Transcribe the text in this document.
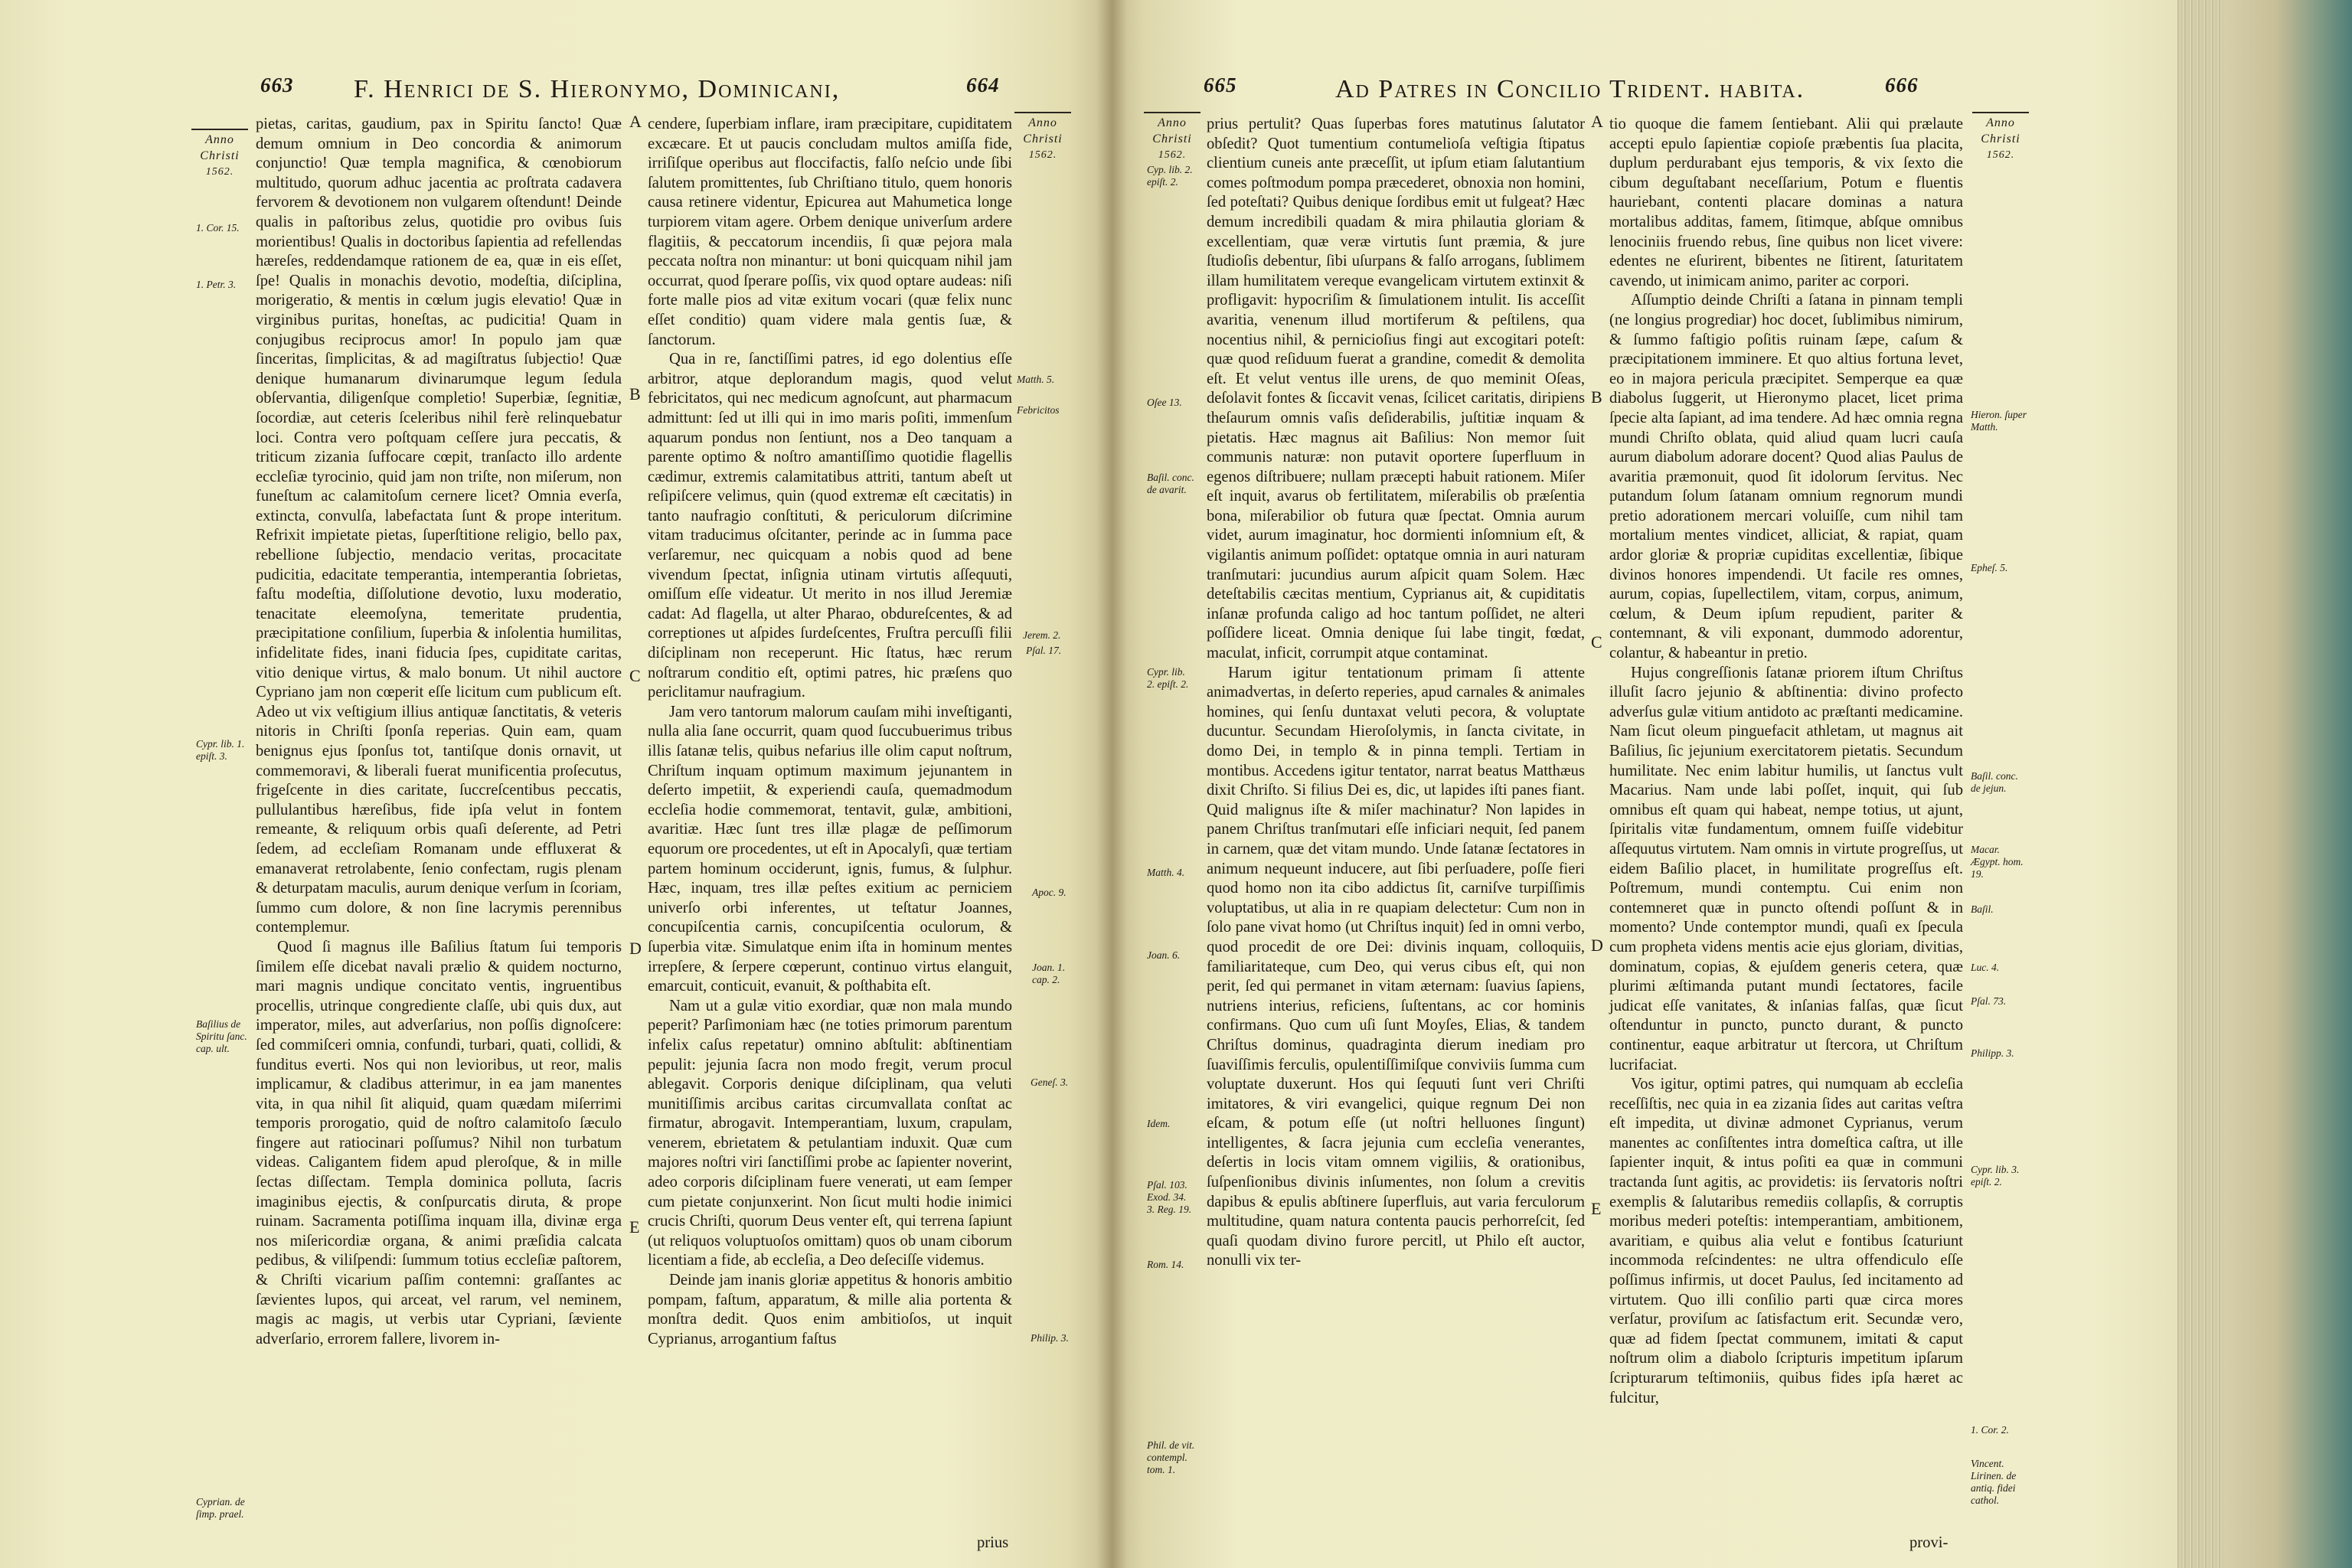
663 F. Henrici de S. Hieronymo, Dominicani,	664
Anno
Christi
1562.
Anno
Christi
1562.
1. Cor. 15.
1. Petr. 3.
Cypr. lib. 1. epiſt. 3.
Baſilius de Spiritu ſanc. cap. ult.
Cyprian. de ſimp. prael.
Matth. 5.
Febricitos
Jerem. 2.
Pſal. 17.
Apoc. 9.
Joan. 1. cap. 2.
Geneſ. 3.
Philip. 3.
A
B
C
D
E

pietas, caritas, gaudium, pax in Spiritu ſancto! Quæ demum omnium in Deo concordia & animorum conjunctio! Quæ templa magnifica, & cœnobiorum multitudo, quorum adhuc jacentia ac proſtrata cadavera fervorem & devotionem non vulgarem oſtendunt! Deinde qualis in paſtoribus zelus, quotidie pro ovibus ſuis morientibus! Qualis in doctoribus ſapientia ad refellendas hæreſes, reddendamque rationem de ea, quæ in eis eſſet, ſpe! Qualis in monachis devotio, modeſtia, diſciplina, morigeratio, & mentis in cœlum jugis elevatio! Quæ in virginibus puritas, honeſtas, ac pudicitia! Quam in conjugibus reciprocus amor! In populo jam quæ ſinceritas, ſimplicitas, & ad magiſtratus ſubjectio! Quæ denique humanarum divinarumque legum ſedula obſervantia, diligenſque completio! Superbiæ, ſegnitiæ, ſocordiæ, aut ceteris ſceleribus nihil ferè relinquebatur loci. Contra vero poſtquam ceſſere jura peccatis, & triticum zizania ſuffocare cœpit, tranſacto illo ardente eccleſiæ tyrocinio, quid jam non triſte, non miſerum, non funeſtum ac calamitoſum cernere licet? Omnia everſa, extincta, convulſa, labefactata ſunt & prope interitum. Refrixit impietate pietas, ſuperſtitione religio, bello pax, rebellione ſubjectio, mendacio veritas, procacitate pudicitia, edacitate temperantia, intemperantia ſobrietas, faſtu modeſtia, diſſolutione devotio, luxu moderatio, tenacitate eleemoſyna, temeritate prudentia, præcipitatione conſilium, ſuperbia & inſolentia humilitas, infidelitate fides, inani fiducia ſpes, cupiditate caritas, vitio denique virtus, & malo bonum. Ut nihil auctore Cypriano jam non cœperit eſſe licitum cum publicum eſt. Adeo ut vix veſtigium illius antiquæ ſanctitatis, & veteris nitoris in Chriſti ſponſa reperias. Quin eam, quam benignus ejus ſponſus tot, tantiſque donis ornavit, ut commemoravi, & liberali fuerat munificentia proſecutus, frigeſcente in dies caritate, ſuccreſcentibus peccatis, pullulantibus hæreſibus, fide ipſa velut in fontem remeante, & reliquum orbis quaſi deſerente, ad Petri ſedem, ad eccleſiam Romanam unde effluxerat & emanaverat retrolabente, ſenio confectam, rugis plenam & deturpatam maculis, aurum denique verſum in ſcoriam, ſummo cum dolore, & non ſine lacrymis perennibus contemplemur.

Quod ſi magnus ille Baſilius ſtatum ſui temporis ſimilem eſſe dicebat navali prælio & quidem nocturno, mari magnis undique concitato ventis, ingruentibus procellis, utrinque congrediente claſſe, ubi quis dux, aut imperator, miles, aut adverſarius, non poſſis dignoſcere: ſed commiſceri omnia, confundi, turbari, quati, collidi, & funditus everti. Nos qui non levioribus, ut reor, malis implicamur, & cladibus atterimur, in ea jam manentes vita, in qua nihil ſit aliquid, quam quædam miſerrimi temporis prorogatio, quid de noſtro calamitoſo ſæculo fingere aut ratiocinari poſſumus? Nihil non turbatum videas. Caligantem fidem apud pleroſque, & in mille ſectas diſſectam. Templa dominica polluta, ſacris imaginibus ejectis, & conſpurcatis diruta, & prope ruinam. Sacramenta potiſſima inquam illa, divinæ erga nos miſericordiæ organa, & animi præſidia calcata pedibus, & viliſpendi: ſummum totius eccleſiæ paſtorem, & Chriſti vicarium paſſim contemni: graſſantes ac ſævientes lupos, qui arceat, vel rarum, vel neminem, magis ac magis, ut verbis utar Cypriani, ſæviente adverſario, errorem fallere, livorem in-

cendere, ſuperbiam inflare, iram præcipitare, cupiditatem excæcare. Et ut paucis concludam multos amiſſa fide, irriſiſque operibus aut floccifactis, falſo neſcio unde ſibi ſalutem promittentes, ſub Chriſtiano titulo, quem honoris causa retinere videntur, Epicurea aut Mahumetica longe turpiorem vitam agere. Orbem denique univerſum ardere flagitiis, & peccatorum incendiis, ſi quæ pejora mala peccata noſtra non minantur: ut boni quicquam nihil jam occurrat, quod ſperare poſſis, vix quod optare audeas: niſi forte malle pios ad vitæ exitum vocari (quæ felix nunc eſſet conditio) quam videre mala gentis ſuæ, & ſanctorum.

Qua in re, ſanctiſſimi patres, id ego dolentius eſſe arbitror, atque deplorandum magis, quod velut febricitatos, qui nec medicum agnoſcunt, aut pharmacum admittunt: ſed ut illi qui in imo maris poſiti, immenſum aquarum pondus non ſentiunt, nos a Deo tanquam a parente optimo & noſtro amantiſſimo quotidie flagellis cædimur, extremis calamitatibus attriti, tantum abeſt ut reſipiſcere velimus, quin (quod extremæ eſt cæcitatis) in tanto naufragio conſtituti, & periculorum diſcrimine vitam traducimus oſcitanter, perinde ac in ſumma pace verſaremur, nec quicquam a nobis quod ad bene vivendum ſpectat, inſignia utinam virtutis aſſequuti, omiſſum eſſe videatur. Ut merito in nos illud Jeremiæ cadat: Ad flagella, ut alter Pharao, obdureſcentes, & ad correptiones ut aſpides ſurdeſcentes, Fruſtra percuſſi filii diſciplinam non receperunt. Hic ſtatus, hæc rerum noſtrarum conditio eſt, optimi patres, hic præſens quo periclitamur naufragium.

Jam vero tantorum malorum cauſam mihi inveſtiganti, nulla alia ſane occurrit, quam quod ſuccubuerimus tribus illis ſatanæ telis, quibus nefarius ille olim caput noſtrum, Chriſtum inquam optimum maximum jejunantem in deſerto impetiit, & experiendi cauſa, quemadmodum eccleſia hodie commemorat, tentavit, gulæ, ambitioni, avaritiæ. Hæc ſunt tres illæ plagæ de peſſimorum equorum ore procedentes, ut eſt in Apocalyſi, quæ tertiam partem hominum occiderunt, ignis, fumus, & ſulphur. Hæc, inquam, tres illæ peſtes exitium ac perniciem univerſo orbi inferentes, ut teſtatur Joannes, concupiſcentia carnis, concupiſcentia oculorum, & ſuperbia vitæ. Simulatque enim iſta in hominum mentes irrepſere, & ſerpere cœperunt, continuo virtus elanguit, emarcuit, conticuit, evanuit, & poſthabita eſt.

Nam ut a gulæ vitio exordiar, quæ non mala mundo peperit? Parſimoniam hæc (ne toties primorum parentum infelix caſus repetatur) omnino abſtulit: abſtinentiam pepulit: jejunia ſacra non modo fregit, verum procul ablegavit. Corporis denique diſciplinam, qua veluti munitiſſimis arcibus caritas circumvallata conſtat ac firmatur, abrogavit. Intemperantiam, luxum, crapulam, venerem, ebrietatem & petulantiam induxit. Quæ cum majores noſtri viri ſanctiſſimi probe ac ſapienter noverint, adeo corporis diſciplinam fuere venerati, ut eam ſemper cum pietate conjunxerint. Non ſicut multi hodie inimici crucis Chriſti, quorum Deus venter eſt, qui terrena ſapiunt (ut reliquos voluptuoſos omittam) quos ob unam ciborum licentiam a fide, ab eccleſia, a Deo deſeciſſe videmus.

Deinde jam inanis gloriæ appetitus & honoris ambitio pompam, faſtum, apparatum, & mille alia portenta & monſtra dedit. Quos enim ambitioſos, ut inquit Cyprianus, arrogantium faſtus

prius
665	Ad Patres in Concilio Trident. habita.	666
Anno
Christi
1562.
Anno
Christi
1562.
Cyp. lib. 2. epiſt. 2.
Oſee 13.
Baſil. conc. de avarit.
Cypr. lib. 2. epiſt. 2.
Matth. 4.
Joan. 6.
Idem.
Pſal. 103. Exod. 34. 3. Reg. 19.
Rom. 14.
Phil. de vit. contempl. tom. 1.
Hieron. ſuper Matth.
Epheſ. 5.
Baſil. conc. de jejun.
Macar. Ægypt. hom. 19.
Baſil.
Luc. 4.
Pſal. 73.
Philipp. 3.
Cypr. lib. 3. epiſt. 2.
1. Cor. 2.
Vincent. Lirinen. de antiq. fidei cathol.
A
B
C
D
E

prius pertulit? Quas ſuperbas fores matutinus ſalutator obſedit? Quot tumentium contumelioſa veſtigia ſtipatus clientium cuneis ante præceſſit, ut ipſum etiam ſalutantium comes poſtmodum pompa præcederet, obnoxia non homini, ſed poteſtati? Quibus denique ſordibus emit ut fulgeat? Hæc demum incredibili quadam & mira philautia gloriam & excellentiam, quæ veræ virtutis ſunt præmia, & jure ſtudioſis debentur, ſibi uſurpans & falſo arrogans, ſublimem illam humilitatem vereque evangelicam virtutem extinxit & profligavit: hypocriſim & ſimulationem intulit. Iis acceſſit avaritia, venenum illud mortiferum & peſtilens, qua nocentius nihil, & pernicioſius fingi aut excogitari poteſt: quæ quod reſiduum fuerat a grandine, comedit & demolita eſt. Et velut ventus ille urens, de quo meminit Oſeas, deſolavit fontes & ſiccavit venas, ſcilicet caritatis, diripiens theſaurum omnis vaſis deſiderabilis, juſtitiæ inquam & pietatis. Hæc magnus ait Baſilius: Non memor ſuit communis naturæ: non putavit oportere ſuperfluum in egenos diſtribuere; nullam præcepti habuit rationem. Miſer eſt inquit, avarus ob fertilitatem, miſerabilis ob præſentia bona, miſerabilior ob futura quæ ſpectat. Omnia aurum videt, aurum imaginatur, hoc dormienti inſomnium eſt, & vigilantis animum poſſidet: optatque omnia in auri naturam tranſmutari: jucundius aurum aſpicit quam Solem. Hæc deteſtabilis cæcitas mentium, Cyprianus ait, & cupiditatis inſanæ profunda caligo ad hoc tantum poſſidet, ne alteri poſſidere liceat. Omnia denique ſui labe tingit, fœdat, maculat, inficit, corrumpit atque contaminat.

Harum igitur tentationum primam ſi attente animadvertas, in deſerto reperies, apud carnales & animales homines, qui ſenſu duntaxat veluti pecora, & voluptate ducuntur. Secundam Hieroſolymis, in ſancta civitate, in domo Dei, in templo & in pinna templi. Tertiam in montibus. Accedens igitur tentator, narrat beatus Matthæus dixit Chriſto. Si filius Dei es, dic, ut lapides iſti panes fiant. Quid malignus iſte & miſer machinatur? Non lapides in panem Chriſtus tranſmutari eſſe inficiari nequit, ſed panem in carnem, quæ det vitam mundo. Unde ſatanæ ſectatores in animum nequeunt inducere, aut ſibi perſuadere, poſſe fieri quod homo non ita cibo addictus ſit, carniſve turpiſſimis voluptatibus, ut alia in re quapiam delectetur: Cum non in ſolo pane vivat homo (ut Chriſtus inquit) ſed in omni verbo, quod procedit de ore Dei: divinis inquam, colloquiis, familiaritateque, cum Deo, qui verus cibus eſt, qui non perit, ſed qui permanet in vitam æternam: ſuavius ſapiens, nutriens interius, reficiens, ſuſtentans, ac cor hominis confirmans. Quo cum uſi ſunt Moyſes, Elias, & tandem Chriſtus dominus, quadraginta dierum inediam pro ſuaviſſimis ferculis, opulentiſſimiſque conviviis ſumma cum voluptate duxerunt. Hos qui ſequuti ſunt veri Chriſti imitatores, & viri evangelici, quique regnum Dei non eſcam, & potum eſſe (ut noſtri helluones ſingunt) intelligentes, & ſacra jejunia cum eccleſia venerantes, deſertis in locis vitam omnem vigiliis, & orationibus, ſuſpenſionibus divinis inſumentes, non ſolum a crevitis dapibus & epulis abſtinere ſuperfluis, aut varia ferculorum multitudine, quam natura contenta paucis perhorreſcit, ſed quaſi quodam divino furore percitl, ut Philo eſt auctor, nonulli vix ter-

tio quoque die famem ſentiebant. Alii qui prælaute accepti epulo ſapientiæ copioſe præbentis ſua placita, duplum perdurabant ejus temporis, & vix ſexto die cibum deguſtabant neceſſarium, Potum e fluentis hauriebant, contenti placare dominas a natura mortalibus additas, famem, ſitimque, abſque omnibus lenociniis fruendo rebus, ſine quibus non licet vivere: edentes ne eſurirent, bibentes ne ſitirent, ſaturitatem cavendo, ut inimicam animo, pariter ac corpori.

Aſſumptio deinde Chriſti a ſatana in pinnam templi (ne longius progrediar) hoc docet, ſublimibus nimirum, & ſummo faſtigio poſitis ruinam ſæpe, caſum & præcipitationem imminere. Et quo altius fortuna levet, eo in majora pericula præcipitet. Semperque ea quæ diabolus ſuggerit, ut Hieronymo placet, licet prima ſpecie alta ſapiant, ad ima tendere. Ad hæc omnia regna mundi Chriſto oblata, quid aliud quam lucri cauſa aurum diabolum adorare docent? Quod alias Paulus de avaritia præmonuit, quod ſit idolorum ſervitus. Nec putandum ſolum ſatanam omnium regnorum mundi pretio adorationem mercari voluiſſe, cum nihil tam mortalium mentes vindicet, alliciat, & rapiat, quam ardor gloriæ & propriæ cupiditas excellentiæ, ſibique divinos honores impendendi. Ut facile res omnes, aurum, copias, ſupellectilem, vitam, corpus, animum, cœlum, & Deum ipſum repudient, pariter & contemnant, & vili exponant, dummodo adorentur, colantur, & habeantur in pretio.

Hujus congreſſionis ſatanæ priorem iſtum Chriſtus illuſit ſacro jejunio & abſtinentia: divino profecto adverſus gulæ vitium antidoto ac præſtanti medicamine. Nam ſicut oleum pinguefacit athletam, ut magnus ait Baſilius, ſic jejunium exercitatorem pietatis. Secundum humilitate. Nec enim labitur humilis, ut ſanctus vult Macarius. Nam unde labi poſſet, inquit, qui ſub omnibus eſt quam qui habeat, nempe totius, ut ajunt, ſpiritalis vitæ fundamentum, omnem fuiſſe videbitur aſſequutus virtutem. Nam omnis in virtute progreſſus, ut eidem Baſilio placet, in humilitate progreſſus eſt. Poſtremum, mundi contemptu. Cui enim non contemneret quæ in puncto oſtendi poſſunt & in momento? Unde contemptor mundi, quaſi ex ſpecula cum propheta videns mentis acie ejus gloriam, divitias, dominatum, copias, & ejuſdem generis cetera, quæ plurimi æſtimanda putant mundi ſectatores, facile judicat eſſe vanitates, & inſanias falſas, quæ ſicut oſtenduntur in puncto, puncto durant, & puncto continentur, eaque arbitratur ut ſtercora, ut Chriſtum lucrifaciat.

Vos igitur, optimi patres, qui numquam ab eccleſia receſſiſtis, nec quia in ea zizania ſides aut caritas veſtra eſt impedita, ut divinæ admonet Cyprianus, verum manentes ac conſiſtentes intra domeſtica caſtra, ut ille ſapienter inquit, & intus poſiti ea quæ in communi tractanda ſunt agitis, ac providetis: iis ſervatoris noſtri exemplis & ſalutaribus remediis collapſis, & corruptis moribus mederi poteſtis: intemperantiam, ambitionem, avaritiam, e quibus alia velut e fontibus ſcaturiunt incommoda reſcindentes: ne ultra offendiculo eſſe poſſimus infirmis, ut docet Paulus, ſed incitamento ad virtutem. Quo illi conſilio parti quæ circa mores verſatur, proviſum ac ſatisfactum erit. Secundæ vero, quæ ad fidem ſpectat communem, imitati & caput noſtrum olim a diabolo ſcripturis impetitum ipſarum ſcripturarum teſtimoniis, quibus fides ipſa hæret ac fulcitur,

provi-
